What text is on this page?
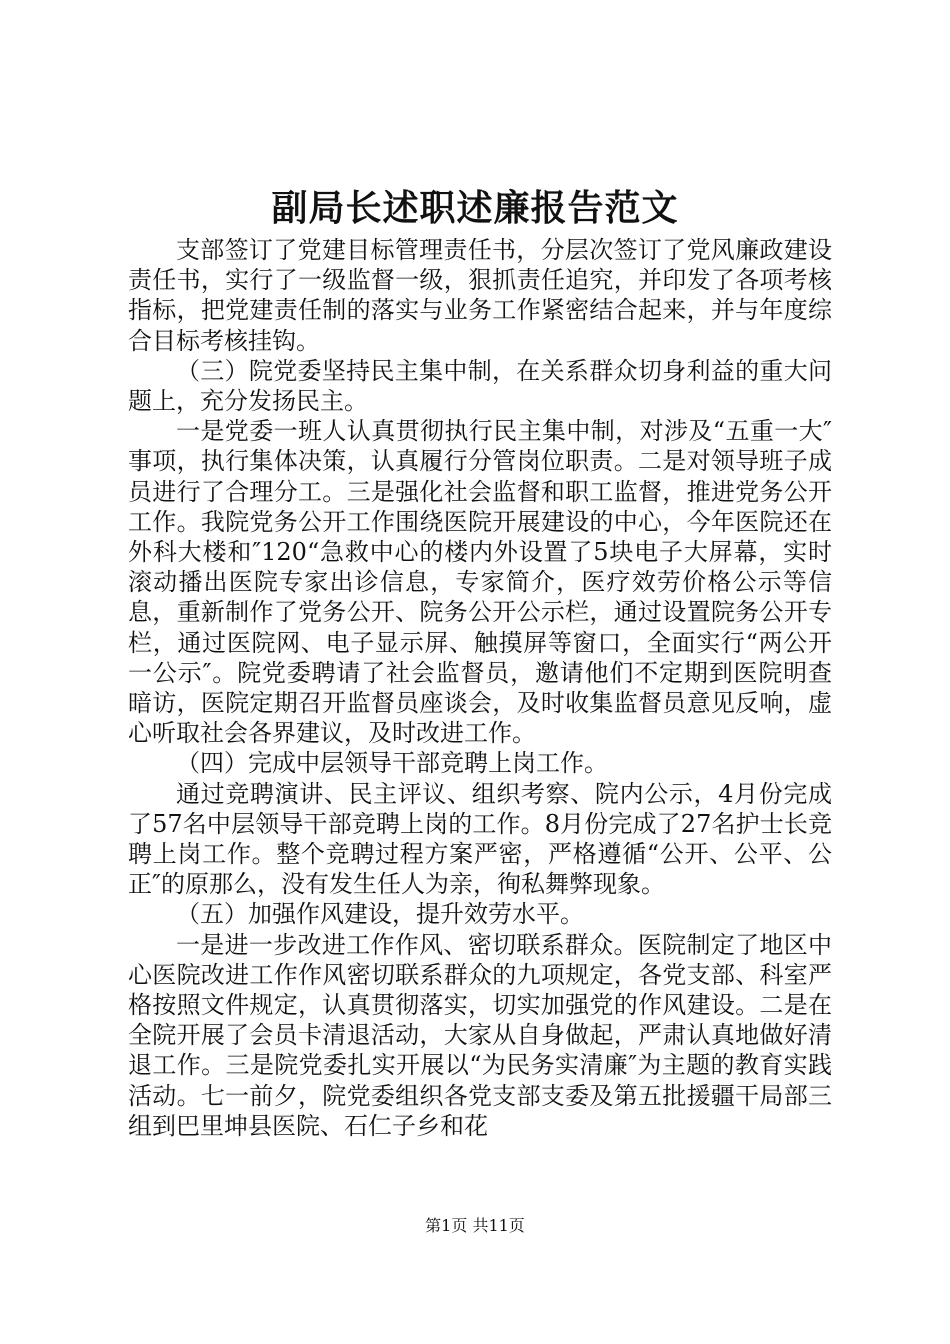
副局长述职述廉报告范文

支部签订了党建目标管理责任书，分层次签订了党风廉政建设责任书，实行了一级监督一级，狠抓责任追究，并印发了各项考核指标，把党建责任制的落实与业务工作紧密结合起来，并与年度综合目标考核挂钩。

（三）院党委坚持民主集中制，在关系群众切身利益的重大问题上，充分发扬民主。

一是党委一班人认真贯彻执行民主集中制，对涉及“五重一大″事项，执行集体决策，认真履行分管岗位职责。二是对领导班子成员进行了合理分工。三是强化社会监督和职工监督，推进党务公开工作。我院党务公开工作围绕医院开展建设的中心，今年医院还在外科大楼和″120“急救中心的楼内外设置了5块电子大屏幕，实时滚动播出医院专家出诊信息，专家简介，医疗效劳价格公示等信息，重新制作了党务公开、院务公开公示栏，通过设置院务公开专栏，通过医院网、电子显示屏、触摸屏等窗口，全面实行“两公开一公示″。院党委聘请了社会监督员，邀请他们不定期到医院明查暗访，医院定期召开监督员座谈会，及时收集监督员意见反响，虚心听取社会各界建议，及时改进工作。

（四）完成中层领导干部竞聘上岗工作。

通过竞聘演讲、民主评议、组织考察、院内公示，4月份完成了57名中层领导干部竞聘上岗的工作。8月份完成了27名护士长竞聘上岗工作。整个竞聘过程方案严密，严格遵循“公开、公平、公正″的原那么，没有发生任人为亲，徇私舞弊现象。

（五）加强作风建设，提升效劳水平。

一是进一步改进工作作风、密切联系群众。医院制定了地区中心医院改进工作作风密切联系群众的九项规定，各党支部、科室严格按照文件规定，认真贯彻落实，切实加强党的作风建设。二是在全院开展了会员卡清退活动，大家从自身做起，严肃认真地做好清退工作。三是院党委扎实开展以“为民务实清廉″为主题的教育实践活动。七一前夕，院党委组织各党支部支委及第五批援疆干局部三组到巴里坤县医院、石仁子乡和花

第1页 共11页
